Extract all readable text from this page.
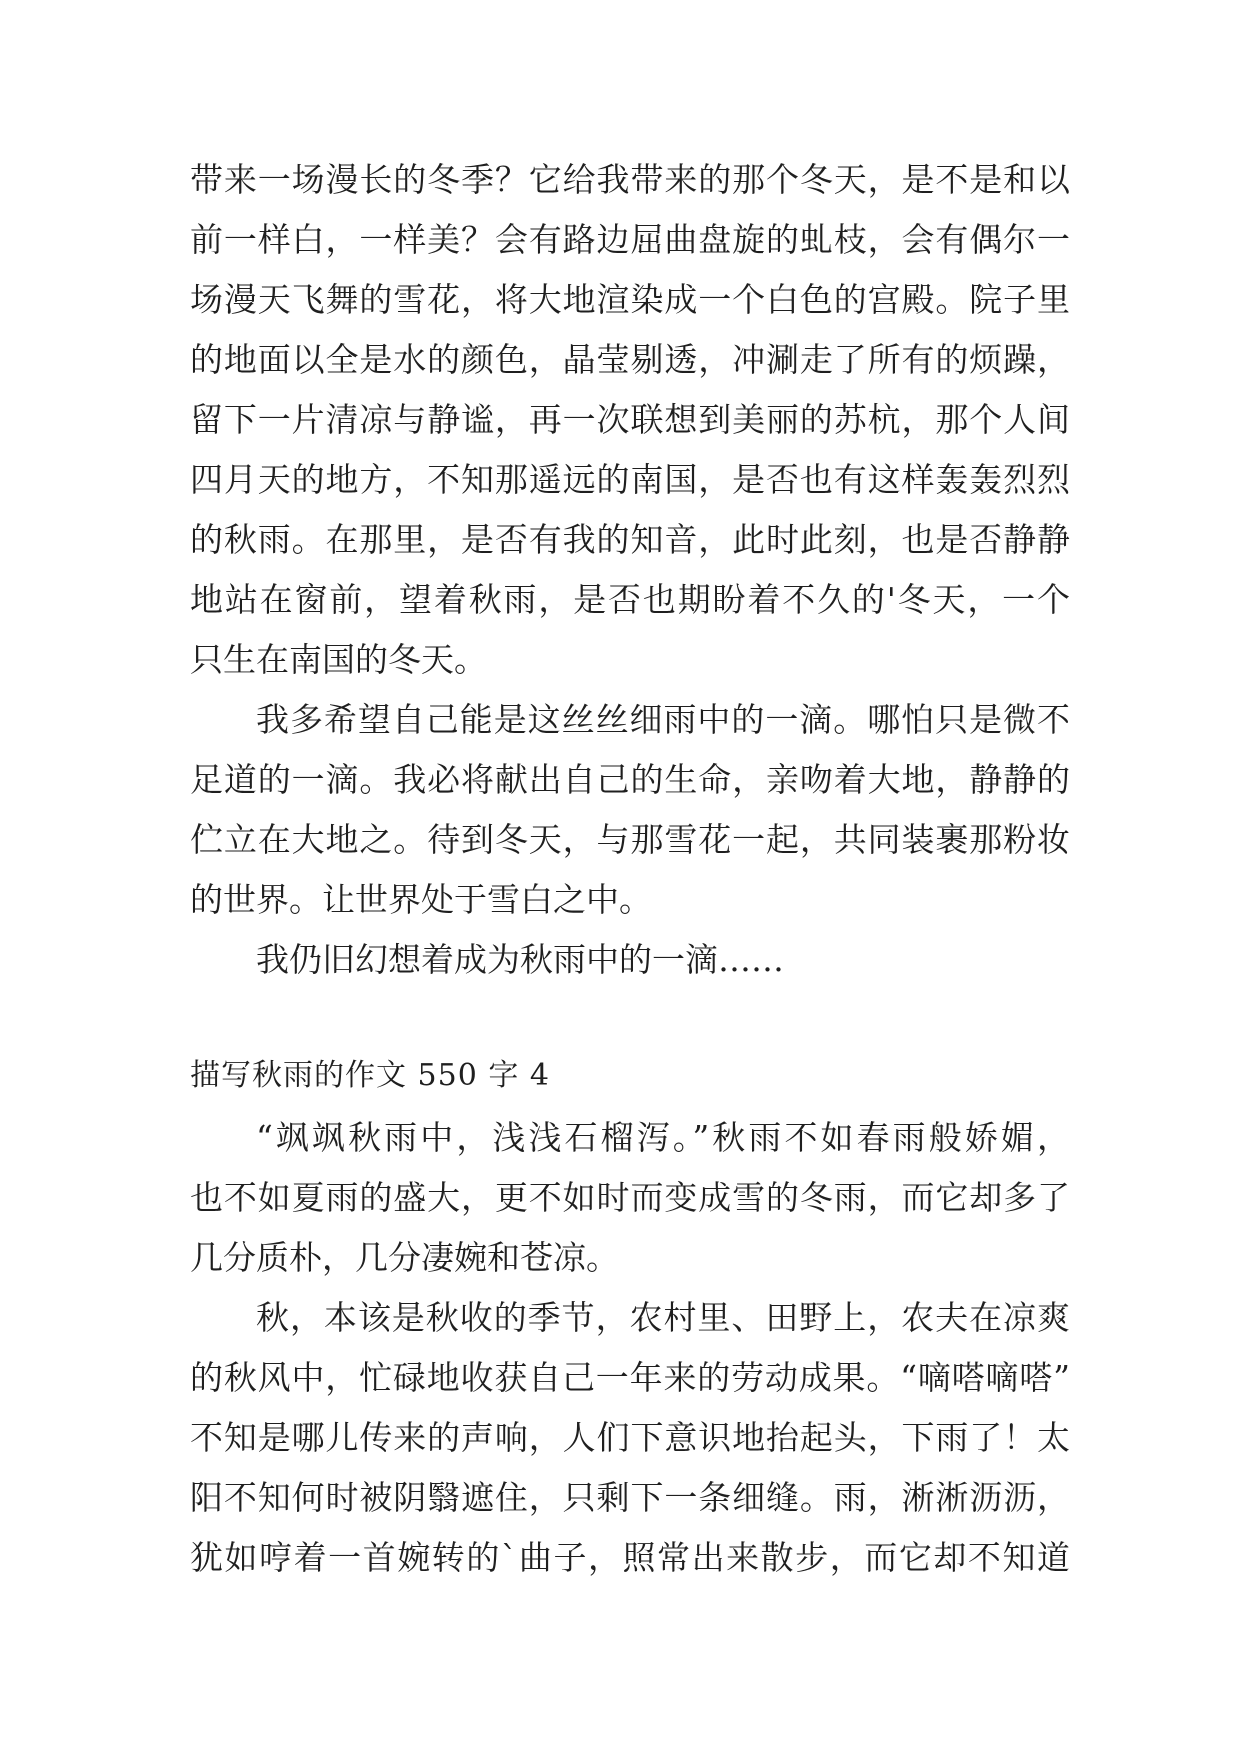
带来一场漫长的冬季？它给我带来的那个冬天，是不是和以
前一样白，一样美？会有路边屈曲盘旋的虬枝，会有偶尔一
场漫天飞舞的雪花，将大地渲染成一个白色的宫殿。院子里
的地面以全是水的颜色，晶莹剔透，冲涮走了所有的烦躁，
留下一片清凉与静谧，再一次联想到美丽的苏杭，那个人间
四月天的地方，不知那遥远的南国，是否也有这样轰轰烈烈
的秋雨。在那里，是否有我的知音，此时此刻，也是否静静
地站在窗前，望着秋雨，是否也期盼着不久的'冬天，一个
只生在南国的冬天。
我多希望自己能是这丝丝细雨中的一滴。哪怕只是微不
足道的一滴。我必将献出自己的生命，亲吻着大地，静静的
伫立在大地之。待到冬天，与那雪花一起，共同装裹那粉妆
的世界。让世界处于雪白之中。
我仍旧幻想着成为秋雨中的一滴……
描写秋雨的作文 550 字 4
“飒飒秋雨中，浅浅石榴泻。”秋雨不如春雨般娇媚，
也不如夏雨的盛大，更不如时而变成雪的冬雨，而它却多了
几分质朴，几分凄婉和苍凉。
秋，本该是秋收的季节，农村里、田野上，农夫在凉爽
的秋风中，忙碌地收获自己一年来的劳动成果。“嘀嗒嘀嗒”
不知是哪儿传来的声响，人们下意识地抬起头，下雨了！太
阳不知何时被阴翳遮住，只剩下一条细缝。雨，淅淅沥沥，
犹如哼着一首婉转的`曲子，照常出来散步，而它却不知道
